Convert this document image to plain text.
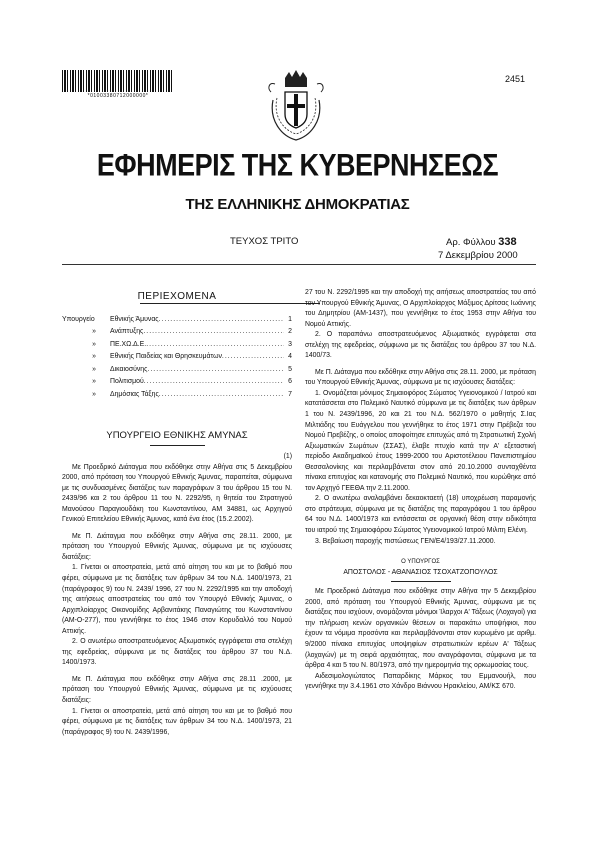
*01003380712000000*
2451
ΕΦΗΜΕΡΙΣ ΤΗΣ ΚΥΒΕΡΝΗΣΕΩΣ
ΤΗΣ ΕΛΛΗΝΙΚΗΣ ΔΗΜΟΚΡΑΤΙΑΣ
ΤΕΥΧΟΣ ΤΡΙΤΟ	Αρ. Φύλλου 338
7 Δεκεμβρίου 2000
ΠΕΡΙΕΧΟΜΕΝΑ
Υπουργείο	Εθνικής Άμυνας .....	1
»	Ανάπτυξης .....	2
»	ΠΕ.ΧΩ.Δ.Ε. .....	3
»	Εθνικής Παιδείας και Θρησκευμάτων .....	4
»	Δικαιοσύνης .....	5
»	Πολιτισμού .....	6
»	Δημόσιας Τάξης .....	7
ΥΠΟΥΡΓΕΙΟ ΕΘΝΙΚΗΣ ΑΜΥΝΑΣ
(1)

Με Προεδρικό Διάταγμα που εκδόθηκε στην Αθήνα στις 5 Δεκεμβρίου 2000, από πρόταση του Υπουργού Εθνικής Άμυνας, παραιτείται, σύμφωνα με τις συνδυασμένες διατάξεις των παραγράφων 3 του άρθρου 15 του Ν. 2439/96 και 2 του άρθρου 11 του Ν. 2292/95, η θητεία του Στρατηγού Μανούσου Παραγιουδάκη του Κωνσταντίνου, ΑΜ 34881, ως Αρχηγού Γενικού Επιτελείου Εθνικής Άμυνας, κατά ένα έτος (15.2.2002).

Με Π. Διάταγμα που εκδόθηκε στην Αθήνα στις 28.11. 2000, με πρόταση του Υπουργού Εθνικής Άμυνας, σύμφωνα με τις ισχύουσες διατάξεις:

1. Γίνεται οι αποστρατεία, μετά από αίτηση του και με το βαθμό που φέρει, σύμφωνα με τις διατάξεις των άρθρων 34 του Ν.Δ. 1400/1973, 21 (παράγραφος 9) του Ν. 2439/ 1996, 27 του Ν. 2292/1995 και την αποδοχή της αιτήσεως αποστρατείας του από τον Υπουργό Εθνικής Άμυνας, ο Αρχιπλοίαρχος Οικονομίδης Αρβανιτάκης Παναγιώτης του Κωνσταντίνου (ΑΜ-Ο-277), που γεννήθηκε το έτος 1946 στον Κορυδαλλό του Νομού Αττικής.

2. Ο ανωτέρω αποστρατευόμενος Αξιωματικός εγγράφεται στα στελέχη της εφεδρείας, σύμφωνα με τις διατάξεις του άρθρου 37 του Ν.Δ. 1400/1973.

Με Π. Διάταγμα που εκδόθηκε στην Αθήνα στις 28.11 .2000, με πρόταση του Υπουργού Εθνικής Άμυνας, σύμφωνα με τις ισχύουσες διατάξεις:

1. Γίνεται οι αποστρατεία, μετά από αίτηση του και με το βαθμό που φέρει, σύμφωνα με τις διατάξεις των άρθρων 34 του Ν.Δ. 1400/1973, 21 (παράγραφος 9) του Ν. 2439/1996,

27 του Ν. 2292/1995 και την αποδοχή της αιτήσεως αποστρατείας του από τον Υπουργού Εθνικής Άμυνας, Ο Αρχιπλοίαρχος Μάξιμος Δρίτσας Ιωάννης του Δημητρίου (ΑΜ-1437), που γεννήθηκε το έτος 1953 στην Αθήνα του Νομού Αττικής.

2. Ο παραπάνω αποστρατευόμενος Αξιωματικός εγγράφεται στα στελέχη της εφεδρείας, σύμφωνα με τις διατάξεις του άρθρου 37 του Ν.Δ. 1400/73.

Με Π. Διάταγμα που εκδόθηκε στην Αθήνα στις 28.11. 2000, με πρόταση του Υπουργού Εθνικής Άμυνας, σύμφωνα με τις ισχύουσες διατάξεις:

1. Ονομάζεται μόνιμος Σημαιοφόρος Σώματος Υγειονομικού / Ιατρού και κατατάσσεται στο Πολεμικό Ναυτικό σύμφωνα με τις διατάξεις των άρθρων 1 του Ν. 2439/1996, 20 και 21 του Ν.Δ. 562/1970 ο μαθητής Σ.Ιας Μιλτιάδης του Ευάγγελου που γεννήθηκε το έτος 1971 στην Πρέβεζα του Νομού Πρεβέζης, ο οποίος αποφοίτησε επιτυχώς από τη Στρατιωτική Σχολή Αξιωματικών Σωμάτων (ΣΣΑΣ), έλαβε πτυχίο κατά την Α' εξεταστική περίοδο Ακαδημαϊκού έτους 1999-2000 του Αριστοτέλειου Πανεπιστημίου Θεσσαλονίκης και περιλαμβάνεται στον από 20.10.2000 συνταχθέντα πίνακα επιτυχίας και κατανομής στο Πολεμικό Ναυτικό, που κυρώθηκε από τον Αρχηγό ΓΕΕΘΑ την 2.11.2000.

2. Ο ανωτέρω αναλαμβάνει δεκαοκταετή (18) υποχρέωση παραμονής στο στράτευμα, σύμφωνα με τις διατάξεις της παραγράφου 1 του άρθρου 64 του Ν.Δ. 1400/1973 και εντάσσεται σε οργανική θέση στην ειδικότητα του ιατρού της Σημαιοφόρου Σώματος Υγειονομικού Ιατρού Μιλιτη Ελένη.

3. Βεβαίωση παροχής πιστώσεως ΓΕΝ/Ε4/193/27.11.2000.

Ο ΥΠΟΥΡΓΟΣ

ΑΠΟΣΤΟΛΟΣ - ΑΘΑΝΑΣΙΟΣ ΤΣΟΧΑΤΖΟΠΟΥΛΟΣ

Με Προεδρικό Διάταγμα που εκδόθηκε στην Αθήνα την 5 Δεκεμβρίου 2000, από πρόταση του Υπουργού Εθνικής Άμυνας, σύμφωνα με τις διατάξεις που ισχύουν, ονομάζονται μόνιμοι Ίλαρχοι Α' Τάξεως (Λοχαγοί) για την πλήρωση κενών οργανικών θέσεων οι παρακάτω υποψήφιοι, που έχουν τα νόμιμα προσόντα και περιλαμβάνονται στον κυρωμένο με αριθμ. 9/2000 πίνακα επιτυχίας υποψηφίων στρατιωτικών ιερέων Α' Τάξεως (λοχαγών) με τη σειρά αρχαιότητας, που αναγράφονται, σύμφωνα με τα άρθρα 4 και 5 του Ν. 80/1973, από την ημερομηνία της ορκωμοσίας τους.

Αιδεσιμολογιώτατος Παπαρδίκης Μάρκος του Εμμανουήλ, που γεννήθηκε την 3.4.1961 στο Χάνδρο Βιάννου Ηρακλείου, ΑΜ/ΚΣ 670.
